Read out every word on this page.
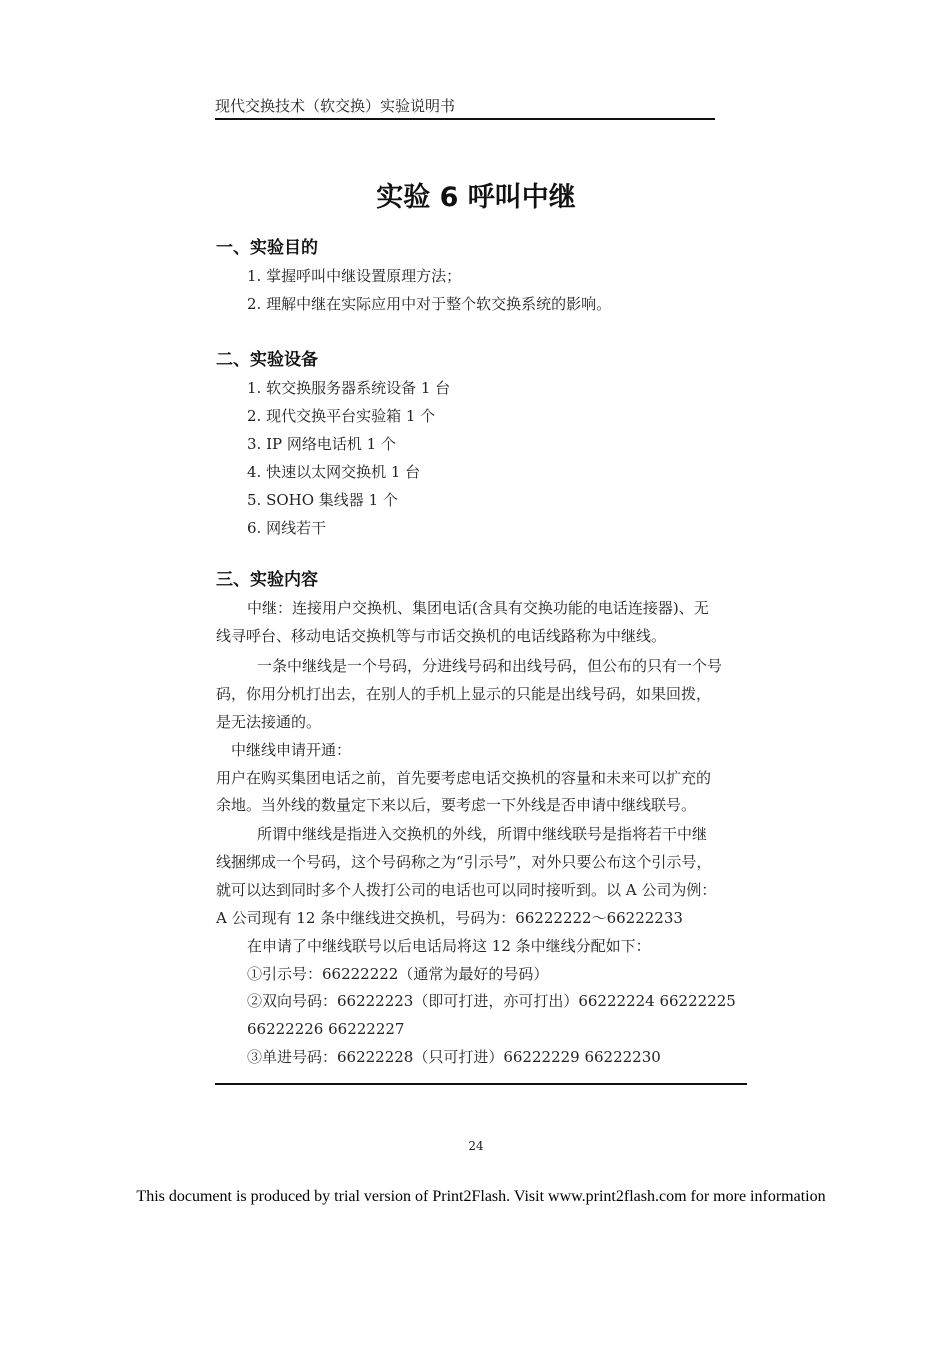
现代交换技术（软交换）实验说明书
实验 6 呼叫中继
一、实验目的
1. 掌握呼叫中继设置原理方法；
2. 理解中继在实际应用中对于整个软交换系统的影响。
二、实验设备
1. 软交换服务器系统设备 1 台
2. 现代交换平台实验箱 1 个
3. IP 网络电话机 1 个
4. 快速以太网交换机 1 台
5. SOHO 集线器 1 个
6. 网线若干
三、实验内容
中继：连接用户交换机、集团电话(含具有交换功能的电话连接器)、无
线寻呼台、移动电话交换机等与市话交换机的电话线路称为中继线。
一条中继线是一个号码，分进线号码和出线号码，但公布的只有一个号
码，你用分机打出去，在别人的手机上显示的只能是出线号码，如果回拨，
是无法接通的。
中继线申请开通：
用户在购买集团电话之前，首先要考虑电话交换机的容量和未来可以扩充的
余地。当外线的数量定下来以后，要考虑一下外线是否申请中继线联号。
所谓中继线是指进入交换机的外线，所谓中继线联号是指将若干中继
线捆绑成一个号码，这个号码称之为“引示号”，对外只要公布这个引示号，
就可以达到同时多个人拨打公司的电话也可以同时接听到。以 A 公司为例：
A 公司现有 12 条中继线进交换机，号码为：66222222～66222233
在申请了中继线联号以后电话局将这 12 条中继线分配如下：
①引示号：66222222（通常为最好的号码）
②双向号码：66222223（即可打进，亦可打出）66222224 66222225
66222226 66222227
③单进号码：66222228（只可打进）66222229 66222230
24
This document is produced by trial version of Print2Flash. Visit www.print2flash.com for more information
